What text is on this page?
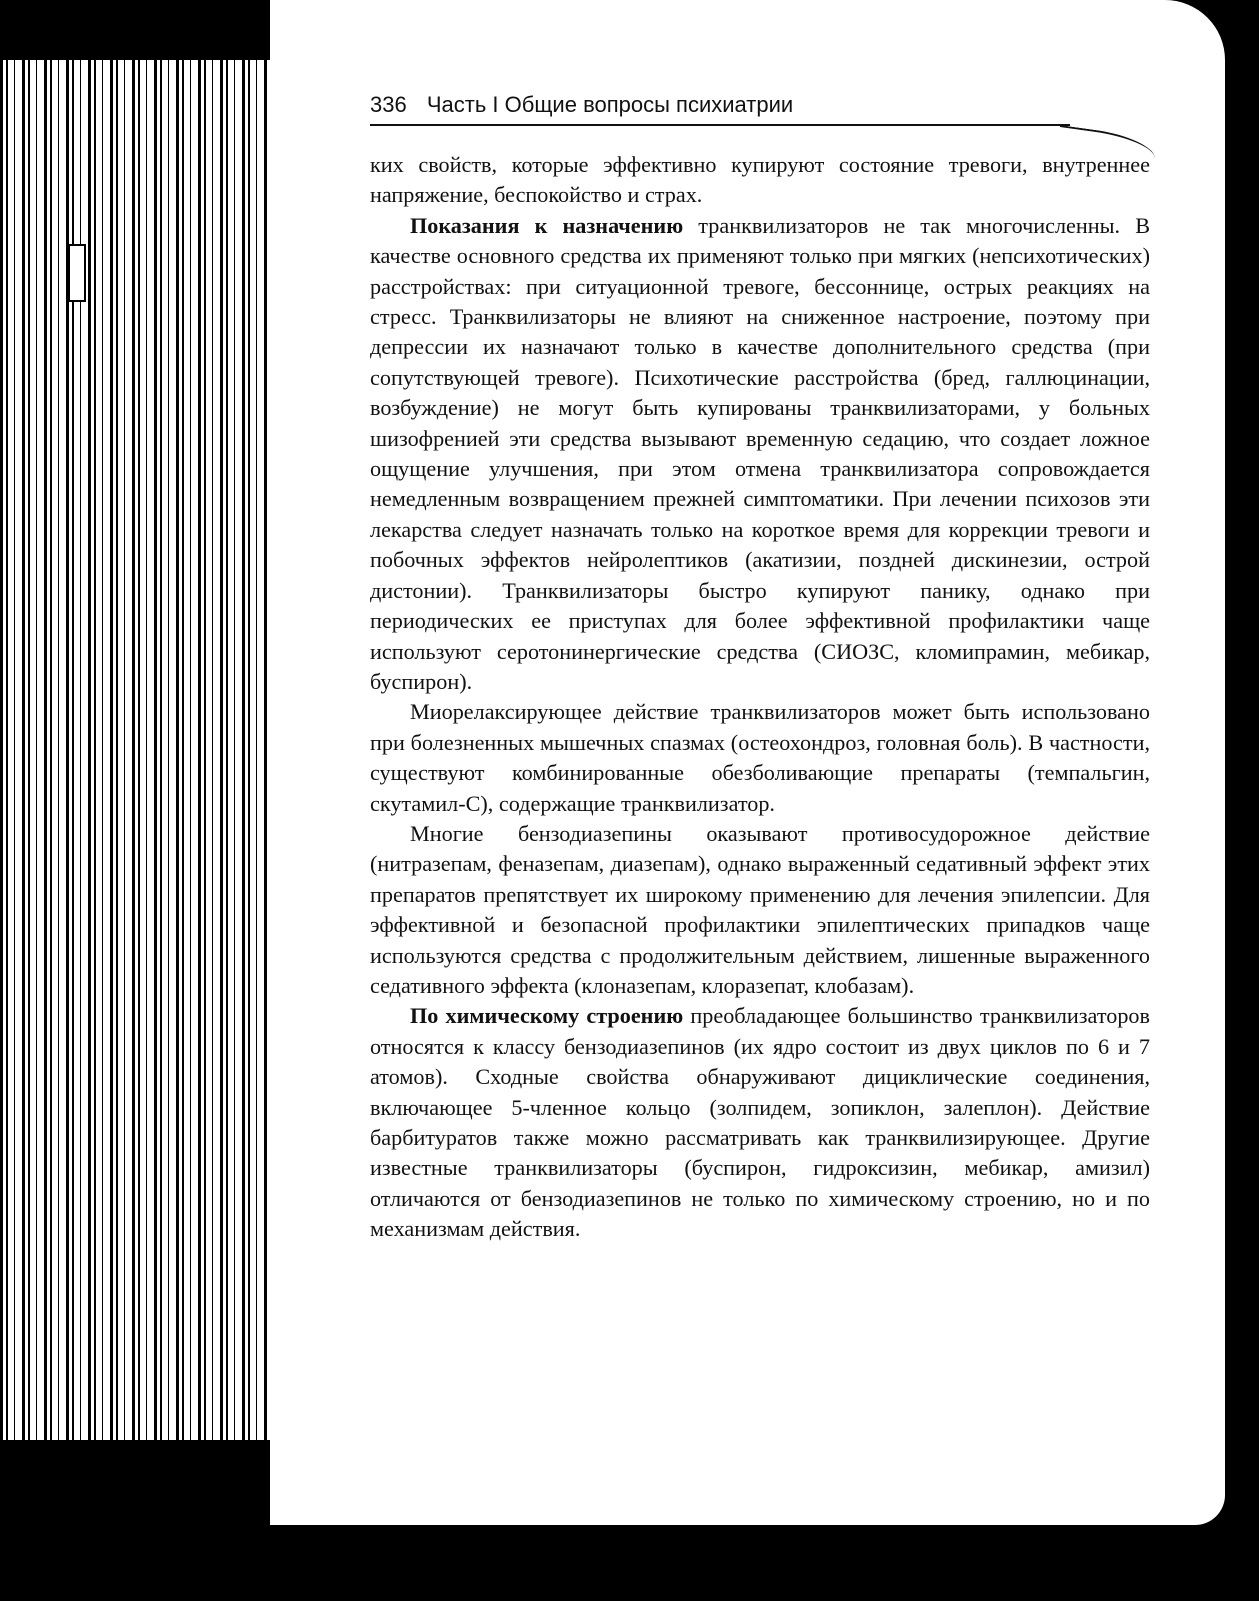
336 Часть I Общие вопросы психиатрии

ких свойств, которые эффективно купируют состояние тревоги, внутреннее напряжение, беспокойство и страх.

Показания к назначению транквилизаторов не так многочисленны. В качестве основного средства их применяют только при мягких (непсихотических) расстройствах: при ситуационной тревоге, бессоннице, острых реакциях на стресс. Транквилизаторы не влияют на сниженное настроение, поэтому при депрессии их назначают только в качестве дополнительного средства (при сопутствующей тревоге). Психотические расстройства (бред, галлюцинации, возбуждение) не могут быть купированы транквилизаторами, у больных шизофренией эти средства вызывают временную седацию, что создает ложное ощущение улучшения, при этом отмена транквилизатора сопровождается немедленным возвращением прежней симптоматики. При лечении психозов эти лекарства следует назначать только на короткое время для коррекции тревоги и побочных эффектов нейролептиков (акатизии, поздней дискинезии, острой дистонии). Транквилизаторы быстро купируют панику, однако при периодических ее приступах для более эффективной профилактики чаще используют серотонинергические средства (СИОЗС, кломипрамин, мебикар, буспирон).

Миорелаксирующее действие транквилизаторов может быть использовано при болезненных мышечных спазмах (остеохондроз, головная боль). В частности, существуют комбинированные обезболивающие препараты (темпальгин, скутамил-С), содержащие транквилизатор.

Многие бензодиазепины оказывают противосудорожное действие (нитразепам, феназепам, диазепам), однако выраженный седативный эффект этих препаратов препятствует их широкому применению для лечения эпилепсии. Для эффективной и безопасной профилактики эпилептических припадков чаще используются средства с продолжительным действием, лишенные выраженного седативного эффекта (клоназепам, клоразепат, клобазам).

По химическому строению преобладающее большинство транквилизаторов относятся к классу бензодиазепинов (их ядро состоит из двух циклов по 6 и 7 атомов). Сходные свойства обнаруживают дициклические соединения, включающее 5-членное кольцо (золпидем, зопиклон, залеплон). Действие барбитуратов также можно рассматривать как транквилизирующее. Другие известные транквилизаторы (буспирон, гидроксизин, мебикар, амизил) отличаются от бензодиазепинов не только по химическому строению, но и по механизмам действия.
